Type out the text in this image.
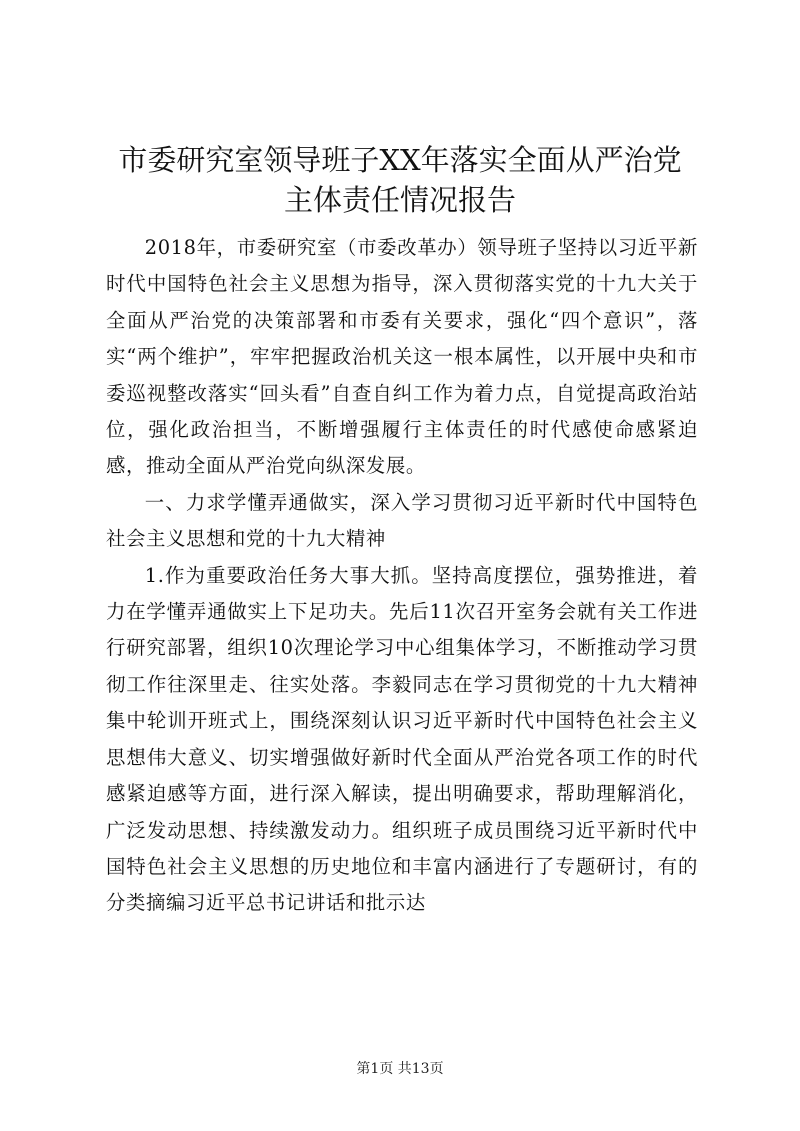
市委研究室领导班子XX年落实全面从严治党
主体责任情况报告

2018年，市委研究室（市委改革办）领导班子坚持以习近平新时代中国特色社会主义思想为指导，深入贯彻落实党的十九大关于全面从严治党的决策部署和市委有关要求，强化“四个意识”，落实“两个维护”，牢牢把握政治机关这一根本属性，以开展中央和市委巡视整改落实“回头看”自查自纠工作为着力点，自觉提高政治站位，强化政治担当，不断增强履行主体责任的时代感使命感紧迫感，推动全面从严治党向纵深发展。

一、力求学懂弄通做实，深入学习贯彻习近平新时代中国特色社会主义思想和党的十九大精神

1.作为重要政治任务大事大抓。坚持高度摆位，强势推进，着力在学懂弄通做实上下足功夫。先后11次召开室务会就有关工作进行研究部署，组织10次理论学习中心组集体学习，不断推动学习贯彻工作往深里走、往实处落。李毅同志在学习贯彻党的十九大精神集中轮训开班式上，围绕深刻认识习近平新时代中国特色社会主义思想伟大意义、切实增强做好新时代全面从严治党各项工作的时代感紧迫感等方面，进行深入解读，提出明确要求，帮助理解消化，广泛发动思想、持续激发动力。组织班子成员围绕习近平新时代中国特色社会主义思想的历史地位和丰富内涵进行了专题研讨，有的分类摘编习近平总书记讲话和批示达

第1页 共13页
